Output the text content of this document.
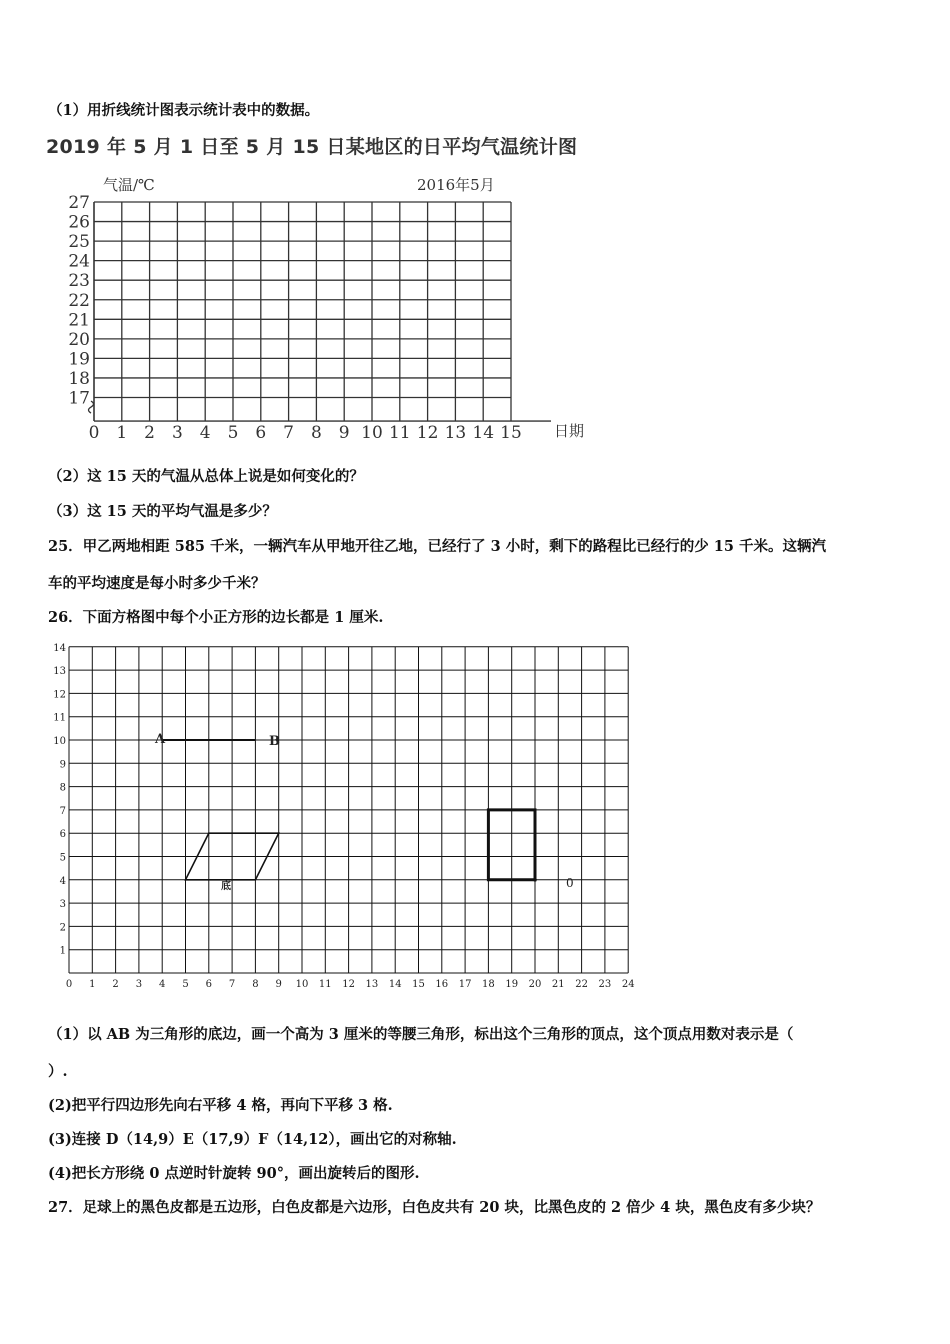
（1）用折线统计图表示统计表中的数据。
2019 年 5 月 1 日至 5 月 15 日某地区的日平均气温统计图
气温/℃	2016年5月
日期
27
26
25
24
23
22
21
20
19
18
17
0 1 2 3 4 5 6 7 8 9 10 11 12 13 14 15
（2）这 15 天的气温从总体上说是如何变化的？
（3）这 15 天的平均气温是多少？
25．甲乙两地相距 585 千米，一辆汽车从甲地开往乙地，已经行了 3 小时，剩下的路程比已经行的少 15 千米。这辆汽
车的平均速度是每小时多少千米？
26．下面方格图中每个小正方形的边长都是 1 厘米.
1
2
3
4
5
6
7
8
9
10
11
12
13
14
0 1 2 3 4 5 6 7 8 9 10 11 12 13 14 15 16 17 18 19 20 21 22 23 24
A	B
底	0
（1）以 AB 为三角形的底边，画一个高为 3 厘米的等腰三角形，标出这个三角形的顶点，这个顶点用数对表示是（
）.
(2)把平行四边形先向右平移 4 格，再向下平移 3 格.
(3)连接 D（14,9）E（17,9）F（14,12），画出它的对称轴.
(4)把长方形绕 0 点逆时针旋转 90°，画出旋转后的图形.
27．足球上的黑色皮都是五边形，白色皮都是六边形，白色皮共有 20 块，比黑色皮的 2 倍少 4 块，黑色皮有多少块？
